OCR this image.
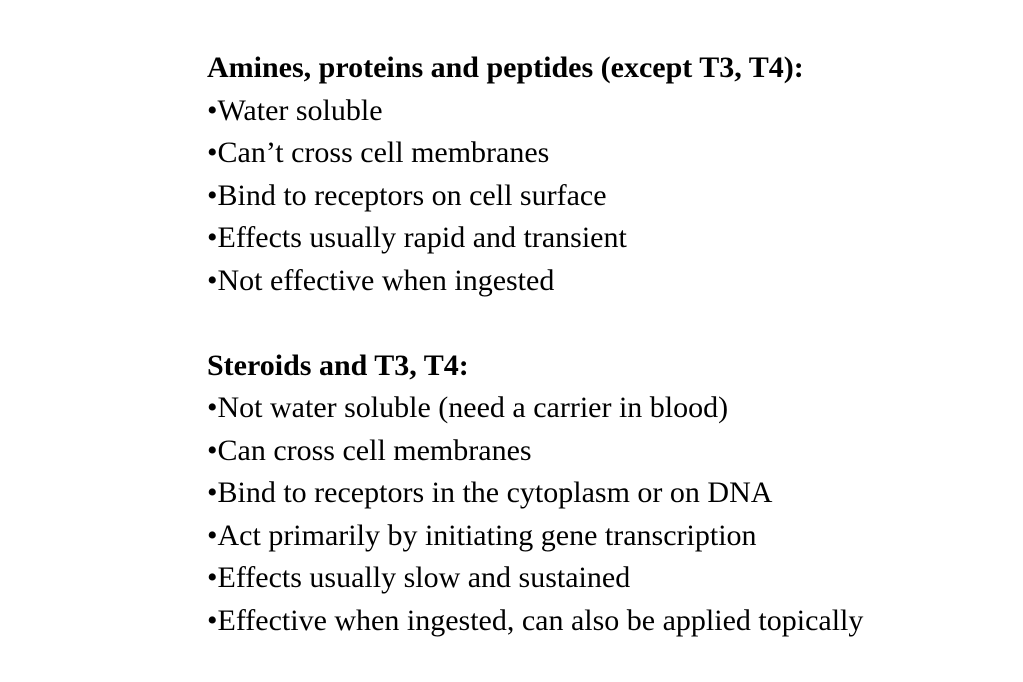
Amines, proteins and peptides (except T3, T4):

•Water soluble

•Can’t cross cell membranes

•Bind to receptors on cell surface

•Effects usually rapid and transient

•Not effective when ingested

Steroids and T3, T4:

•Not water soluble (need a carrier in blood)

•Can cross cell membranes

•Bind to receptors in the cytoplasm or on DNA

•Act primarily by initiating gene transcription

•Effects usually slow and sustained

•Effective when ingested, can also be applied topically
